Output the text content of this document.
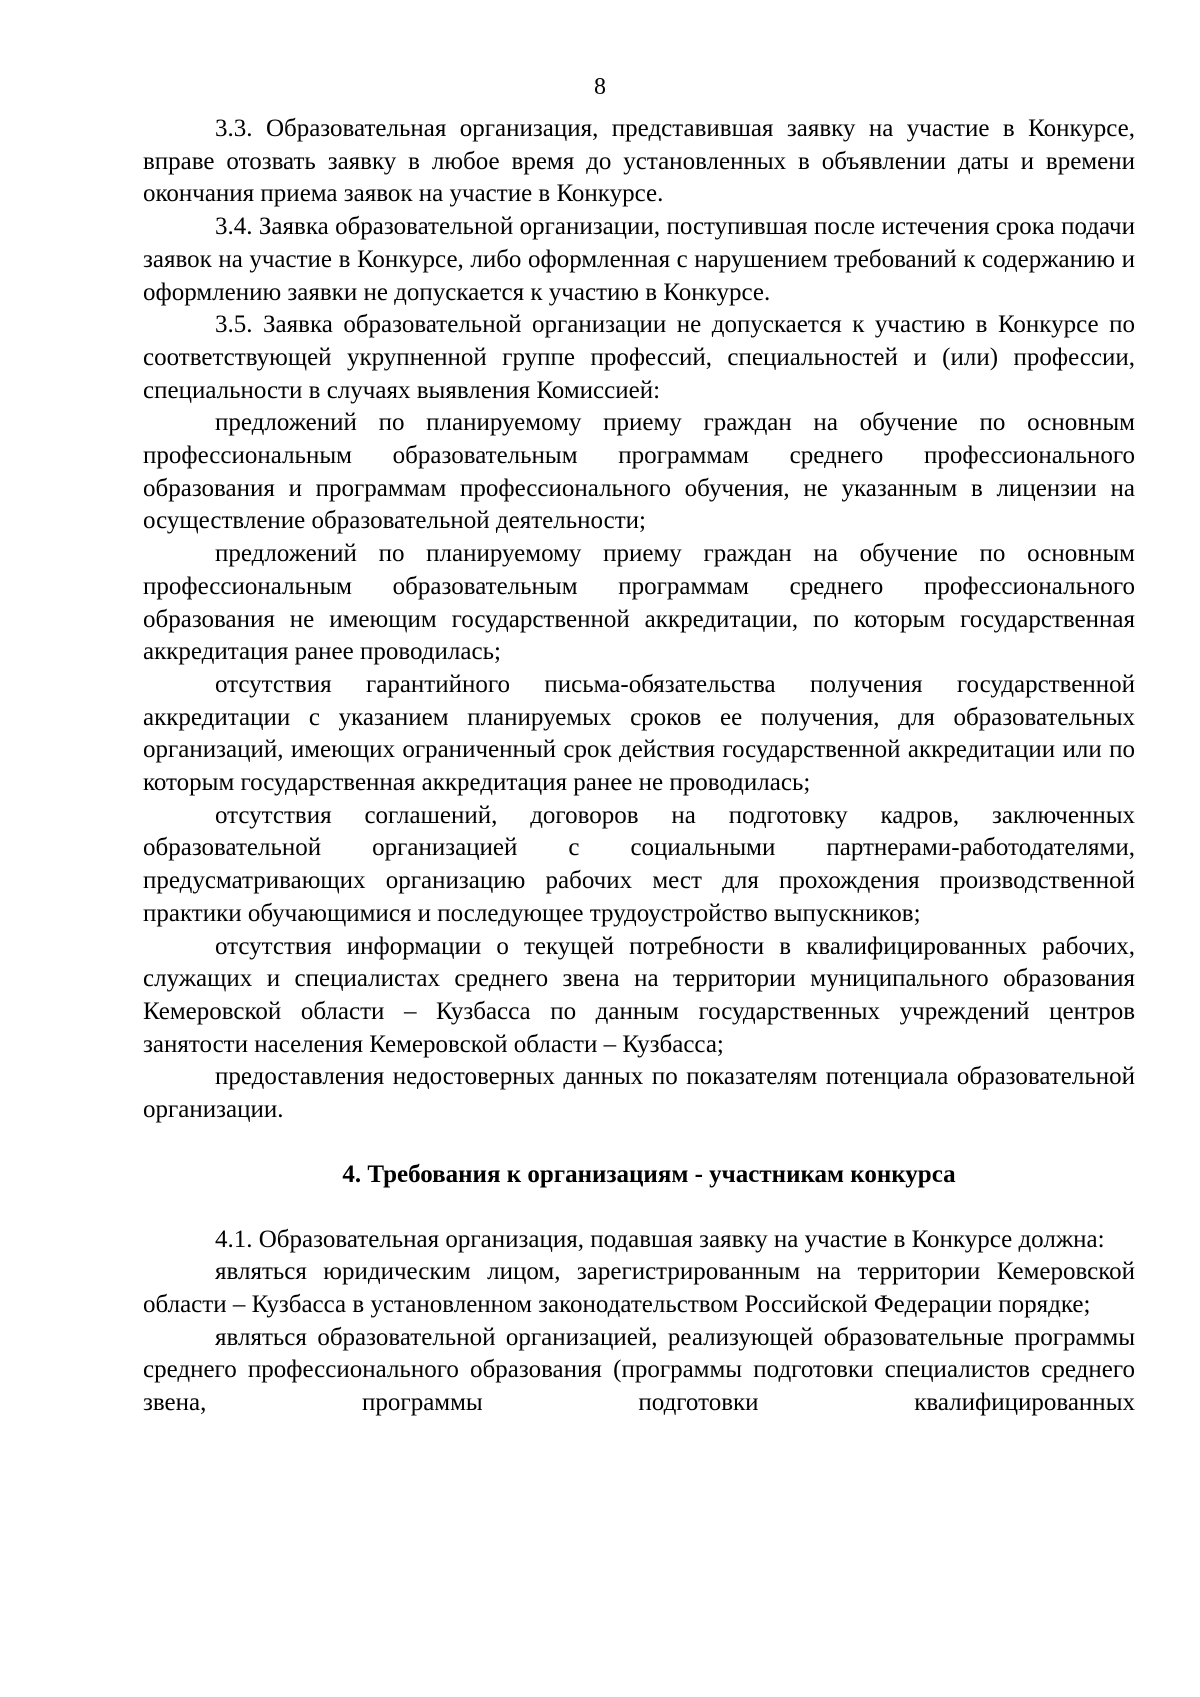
8

3.3. Образовательная организация, представившая заявку на участие в Конкурсе, вправе отозвать заявку в любое время до установленных в объявлении даты и времени окончания приема заявок на участие в Конкурсе.

3.4. Заявка образовательной организации, поступившая после истечения срока подачи заявок на участие в Конкурсе, либо оформленная с нарушением требований к содержанию и оформлению заявки не допускается к участию в Конкурсе.

3.5. Заявка образовательной организации не допускается к участию в Конкурсе по соответствующей укрупненной группе профессий, специальностей и (или) профессии, специальности в случаях выявления Комиссией:

предложений по планируемому приему граждан на обучение по основным профессиональным образовательным программам среднего профессионального образования и программам профессионального обучения, не указанным в лицензии на осуществление образовательной деятельности;

предложений по планируемому приему граждан на обучение по основным профессиональным образовательным программам среднего профессионального образования не имеющим государственной аккредитации, по которым государственная аккредитация ранее проводилась;

отсутствия гарантийного письма-обязательства получения государственной аккредитации с указанием планируемых сроков ее получения, для образовательных организаций, имеющих ограниченный срок действия государственной аккредитации или по которым государственная аккредитация ранее не проводилась;

отсутствия соглашений, договоров на подготовку кадров, заключенных образовательной организацией с социальными партнерами-работодателями, предусматривающих организацию рабочих мест для прохождения производственной практики обучающимися и последующее трудоустройство выпускников;

отсутствия информации о текущей потребности в квалифицированных рабочих, служащих и специалистах среднего звена на территории муниципального образования Кемеровской области – Кузбасса по данным государственных учреждений центров занятости населения Кемеровской области – Кузбасса;

предоставления недостоверных данных по показателям потенциала образовательной организации.

4. Требования к организациям - участникам конкурса

4.1. Образовательная организация, подавшая заявку на участие в Конкурсе должна:

являться юридическим лицом, зарегистрированным на территории Кемеровской области – Кузбасса в установленном законодательством Российской Федерации порядке;

являться образовательной организацией, реализующей образовательные программы среднего профессионального образования (программы подготовки специалистов среднего звена, программы подготовки квалифицированных
